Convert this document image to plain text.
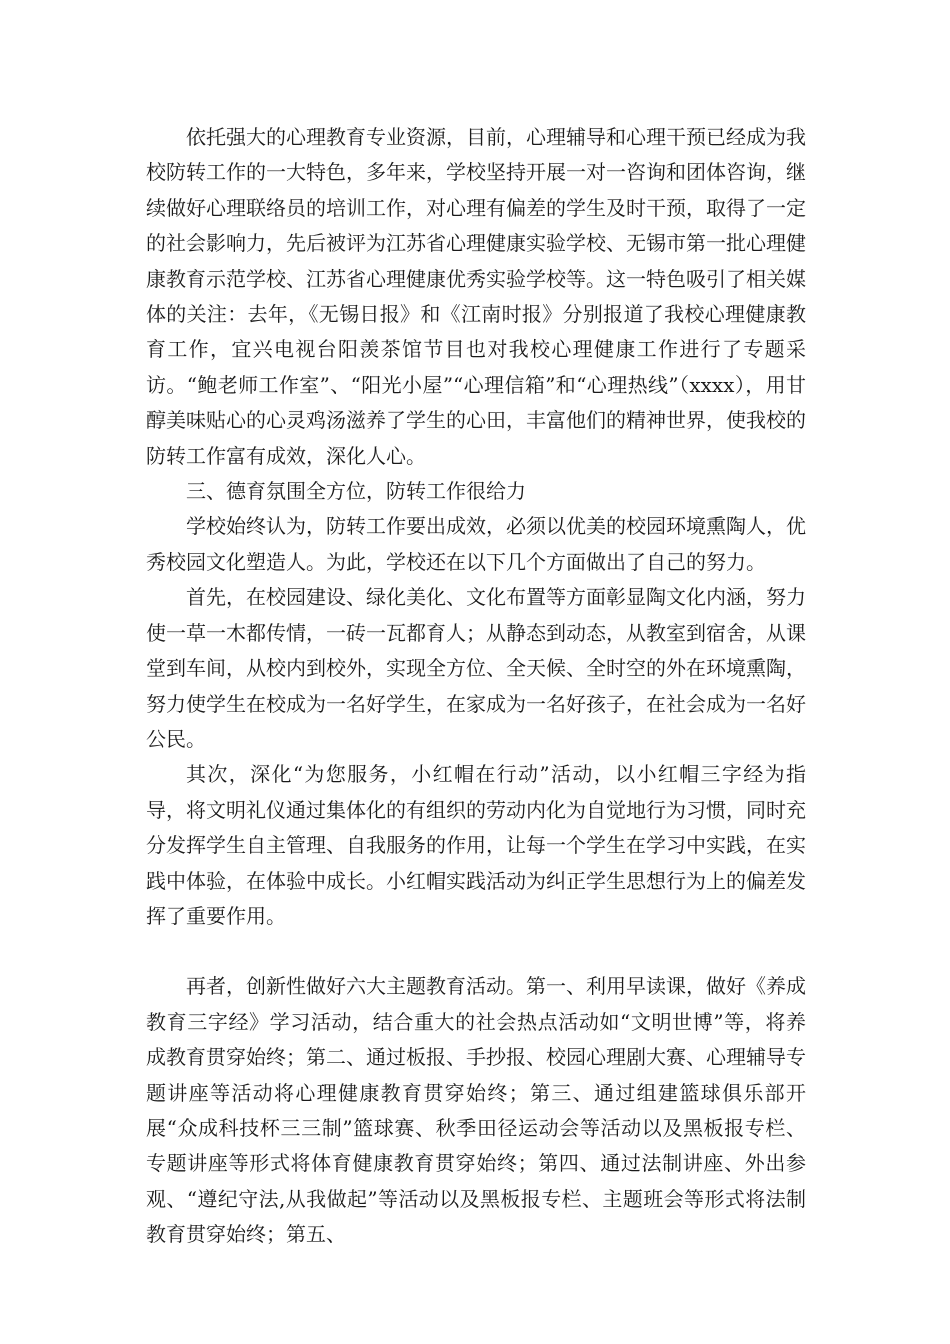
依托强大的心理教育专业资源，目前，心理辅导和心理干预已经成为我校防转工作的一大特色，多年来，学校坚持开展一对一咨询和团体咨询，继续做好心理联络员的培训工作，对心理有偏差的学生及时干预，取得了一定的社会影响力，先后被评为江苏省心理健康实验学校、无锡市第一批心理健康教育示范学校、江苏省心理健康优秀实验学校等。这一特色吸引了相关媒体的关注：去年，《无锡日报》和《江南时报》分别报道了我校心理健康教育工作，宜兴电视台阳羡茶馆节目也对我校心理健康工作进行了专题采访。“鲍老师工作室”、“阳光小屋”“心理信箱”和“心理热线”（xxxx），用甘醇美味贴心的心灵鸡汤滋养了学生的心田，丰富他们的精神世界，使我校的防转工作富有成效，深化人心。

三、德育氛围全方位，防转工作很给力

学校始终认为，防转工作要出成效，必须以优美的校园环境熏陶人，优秀校园文化塑造人。为此，学校还在以下几个方面做出了自己的努力。

首先，在校园建设、绿化美化、文化布置等方面彰显陶文化内涵，努力使一草一木都传情，一砖一瓦都育人；从静态到动态，从教室到宿舍，从课堂到车间，从校内到校外，实现全方位、全天候、全时空的外在环境熏陶，努力使学生在校成为一名好学生，在家成为一名好孩子，在社会成为一名好公民。

其次，深化“为您服务，小红帽在行动”活动，以小红帽三字经为指导，将文明礼仪通过集体化的有组织的劳动内化为自觉地行为习惯，同时充分发挥学生自主管理、自我服务的作用，让每一个学生在学习中实践，在实践中体验，在体验中成长。小红帽实践活动为纠正学生思想行为上的偏差发挥了重要作用。

再者，创新性做好六大主题教育活动。第一、利用早读课，做好《养成教育三字经》学习活动，结合重大的社会热点活动如“文明世博”等，将养成教育贯穿始终；第二、通过板报、手抄报、校园心理剧大赛、心理辅导专题讲座等活动将心理健康教育贯穿始终；第三、通过组建篮球俱乐部开展“众成科技杯三三制”篮球赛、秋季田径运动会等活动以及黑板报专栏、专题讲座等形式将体育健康教育贯穿始终；第四、通过法制讲座、外出参观、“遵纪守法,从我做起”等活动以及黑板报专栏、主题班会等形式将法制教育贯穿始终；第五、
